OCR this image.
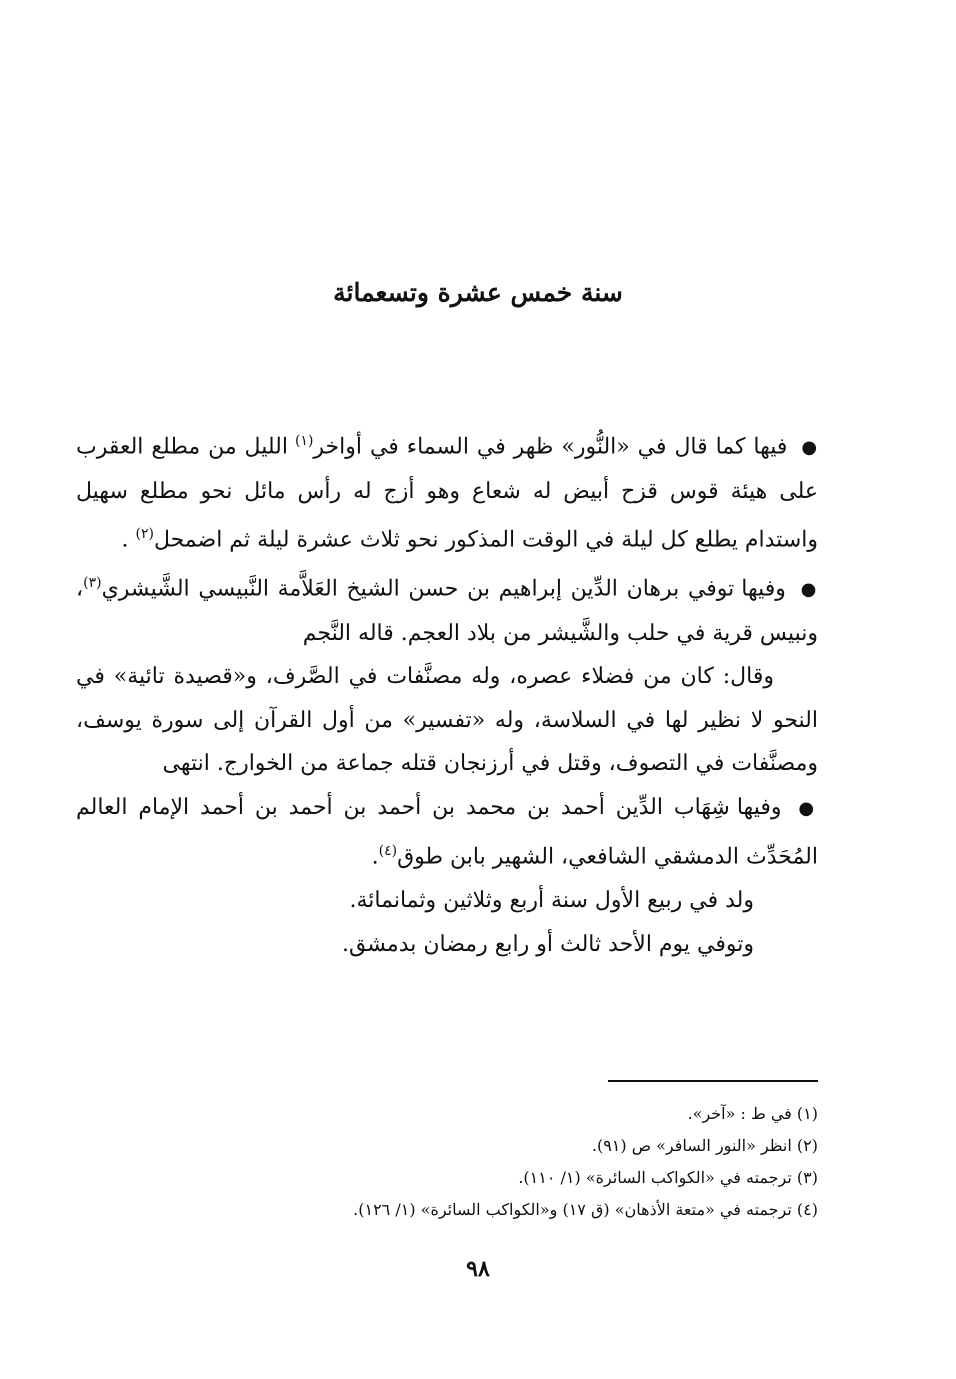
سنة خمس عشرة وتسعمائة

● فيها كما قال في «النُّور» ظهر في السماء في أواخر$^{(١)}$ الليل من مطلع العقرب على هيئة قوس قزح أبيض له شعاع وهو أزج له رأس مائل نحو مطلع سهيل واستدام يطلع كل ليلة في الوقت المذكور نحو ثلاث عشرة ليلة ثم اضمحل$^{(٢)}$ .

● وفيها توفي برهان الدِّين إبراهيم بن حسن الشيخ العَلاَّمة النَّبيسي الشَّيشري$^{(٣)}$، ونبيس قرية في حلب والشَّيشر من بلاد العجم. قاله النَّجم

وقال: كان من فضلاء عصره، وله مصنَّفات في الصَّرف، و«قصيدة تائية» في النحو لا نظير لها في السلاسة، وله «تفسير» من أول القرآن إلى سورة يوسف، ومصنَّفات في التصوف، وقتل في أرزنجان قتله جماعة من الخوارج. انتهى

● وفيها شِهَاب الدِّين أحمد بن محمد بن أحمد بن أحمد بن أحمد الإمام العالم المُحَدِّث الدمشقي الشافعي، الشهير بابن طوق$^{(٤)}$.

ولد في ربيع الأول سنة أربع وثلاثين وثمانمائة.

وتوفي يوم الأحد ثالث أو رابع رمضان بدمشق.

(١) في ط : «آخر».

(٢) انظر «النور السافر» ص (٩١).

(٣) ترجمته في «الكواكب السائرة» (١/ ١١٠).

(٤) ترجمته في «متعة الأذهان» (ق ١٧) و«الكواكب السائرة» (١/ ١٢٦).

٩٨
